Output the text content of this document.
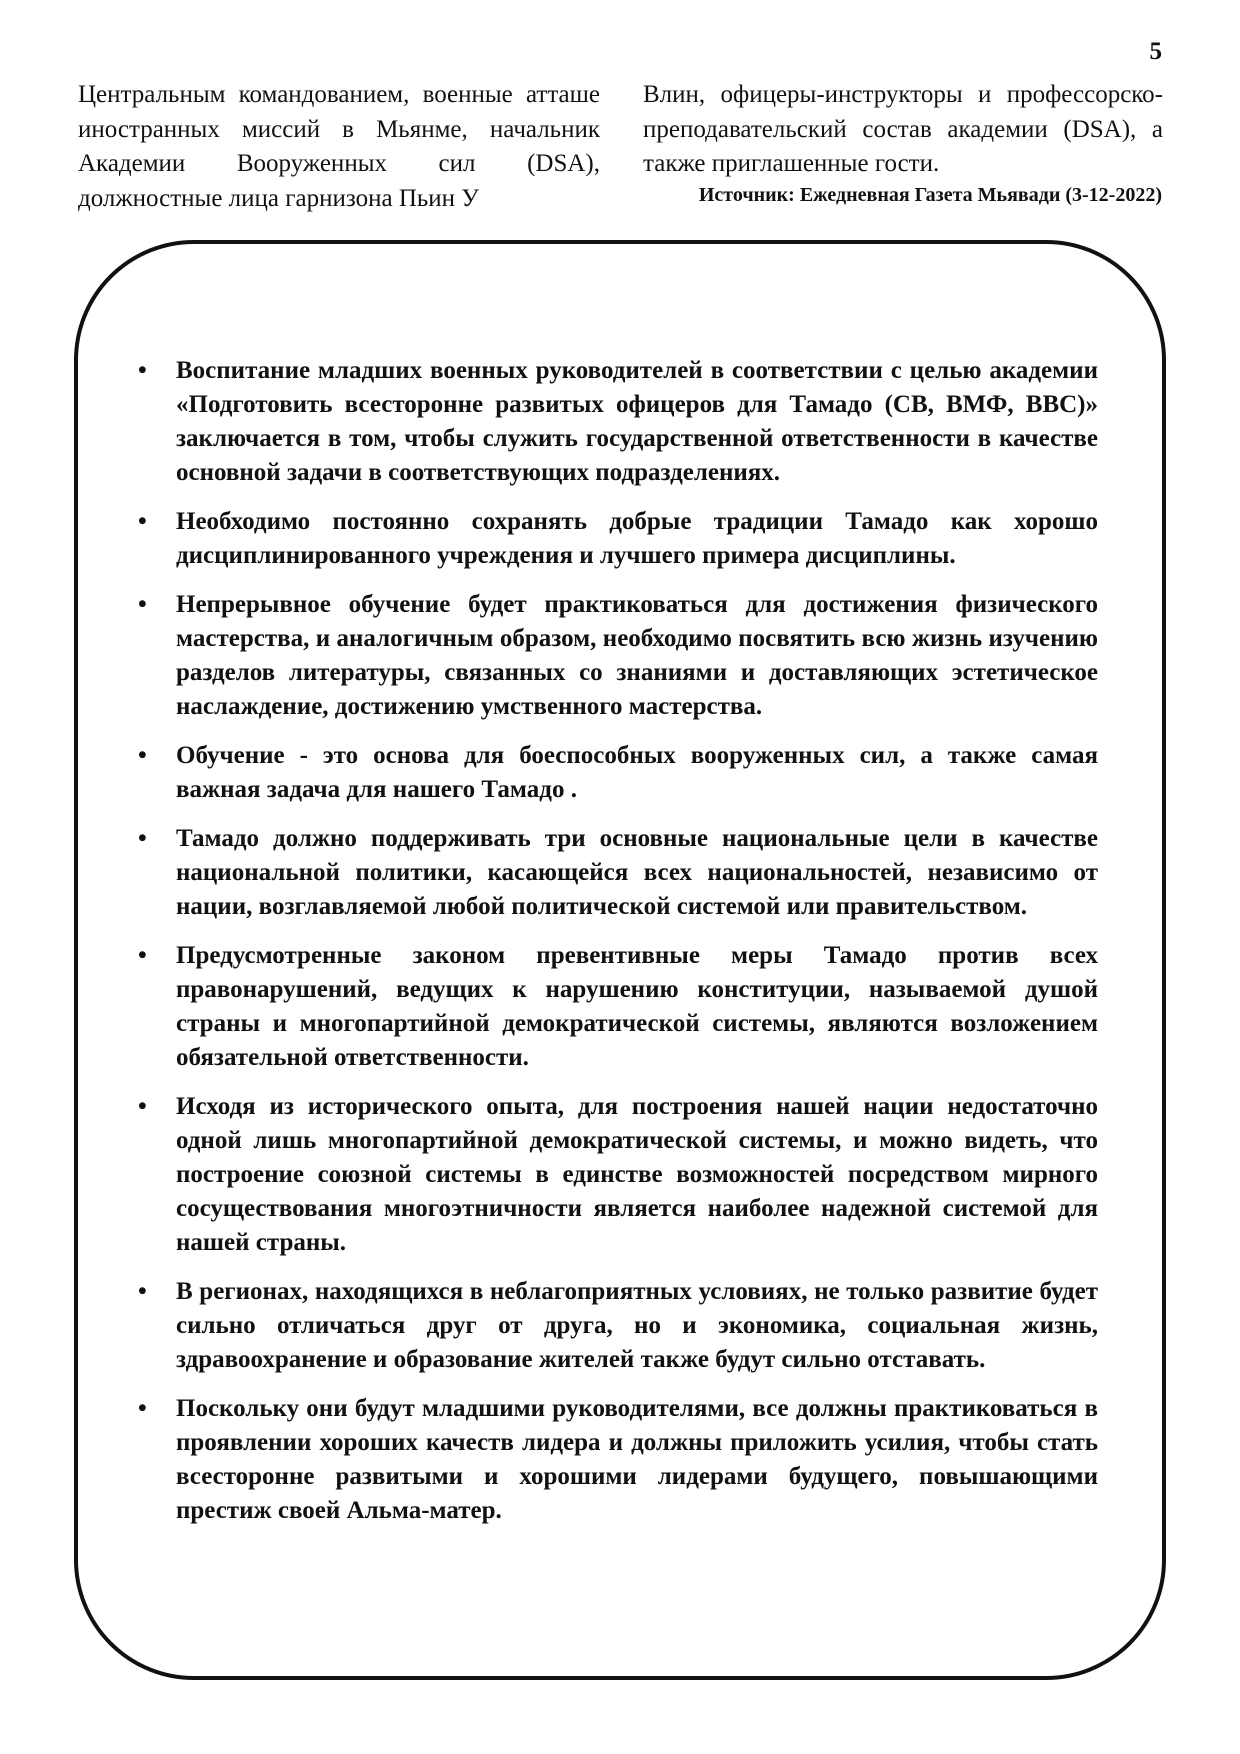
5
Центральным командованием, военные атташе иностранных миссий в Мьянме, начальник Академии Вооруженных сил (DSA), должностные лица гарнизона Пьин У
Влин, офицеры-инструкторы и профессорско-преподавательский состав академии (DSA), а также приглашенные гости.
Источник: Ежедневная Газета Мьявади (3-12-2022)
•	Воспитание младших военных руководителей в соответствии с целью академии «Подготовить всесторонне развитых офицеров для Тамадо (СВ, ВМФ, ВВС)» заключается в том, чтобы служить государственной ответственности в качестве основной задачи в соответствующих подразделениях.
•	Необходимо постоянно сохранять добрые традиции Тамадо как хорошо дисциплинированного учреждения и лучшего примера дисциплины.
•	Непрерывное обучение будет практиковаться для достижения физического мастерства, и аналогичным образом, необходимо посвятить всю жизнь изучению разделов литературы, связанных со знаниями и доставляющих эстетическое наслаждение, достижению умственного мастерства.
•	Обучение - это основа для боеспособных вооруженных сил, а также самая важная задача для нашего Тамадо .
•	Тамадо должно поддерживать три основные национальные цели в качестве национальной политики, касающейся всех национальностей, независимо от нации, возглавляемой любой политической системой или правительством.
•	Предусмотренные законом превентивные меры Тамадо против всех правонарушений, ведущих к нарушению конституции, называемой душой страны и многопартийной демократической системы, являются возложением обязательной ответственности.
•	Исходя из исторического опыта, для построения нашей нации недостаточно одной лишь многопартийной демократической системы, и можно видеть, что построение союзной системы в единстве возможностей посредством мирного сосуществования многоэтничности является наиболее надежной системой для нашей страны.
•	В регионах, находящихся в неблагоприятных условиях, не только развитие будет сильно отличаться друг от друга, но и экономика, социальная жизнь, здравоохранение и образование жителей также будут сильно отставать.
•	Поскольку они будут младшими руководителями, все должны практиковаться в проявлении хороших качеств лидера и должны приложить усилия, чтобы стать всесторонне развитыми и хорошими лидерами будущего, повышающими престиж своей Альма-матер.
